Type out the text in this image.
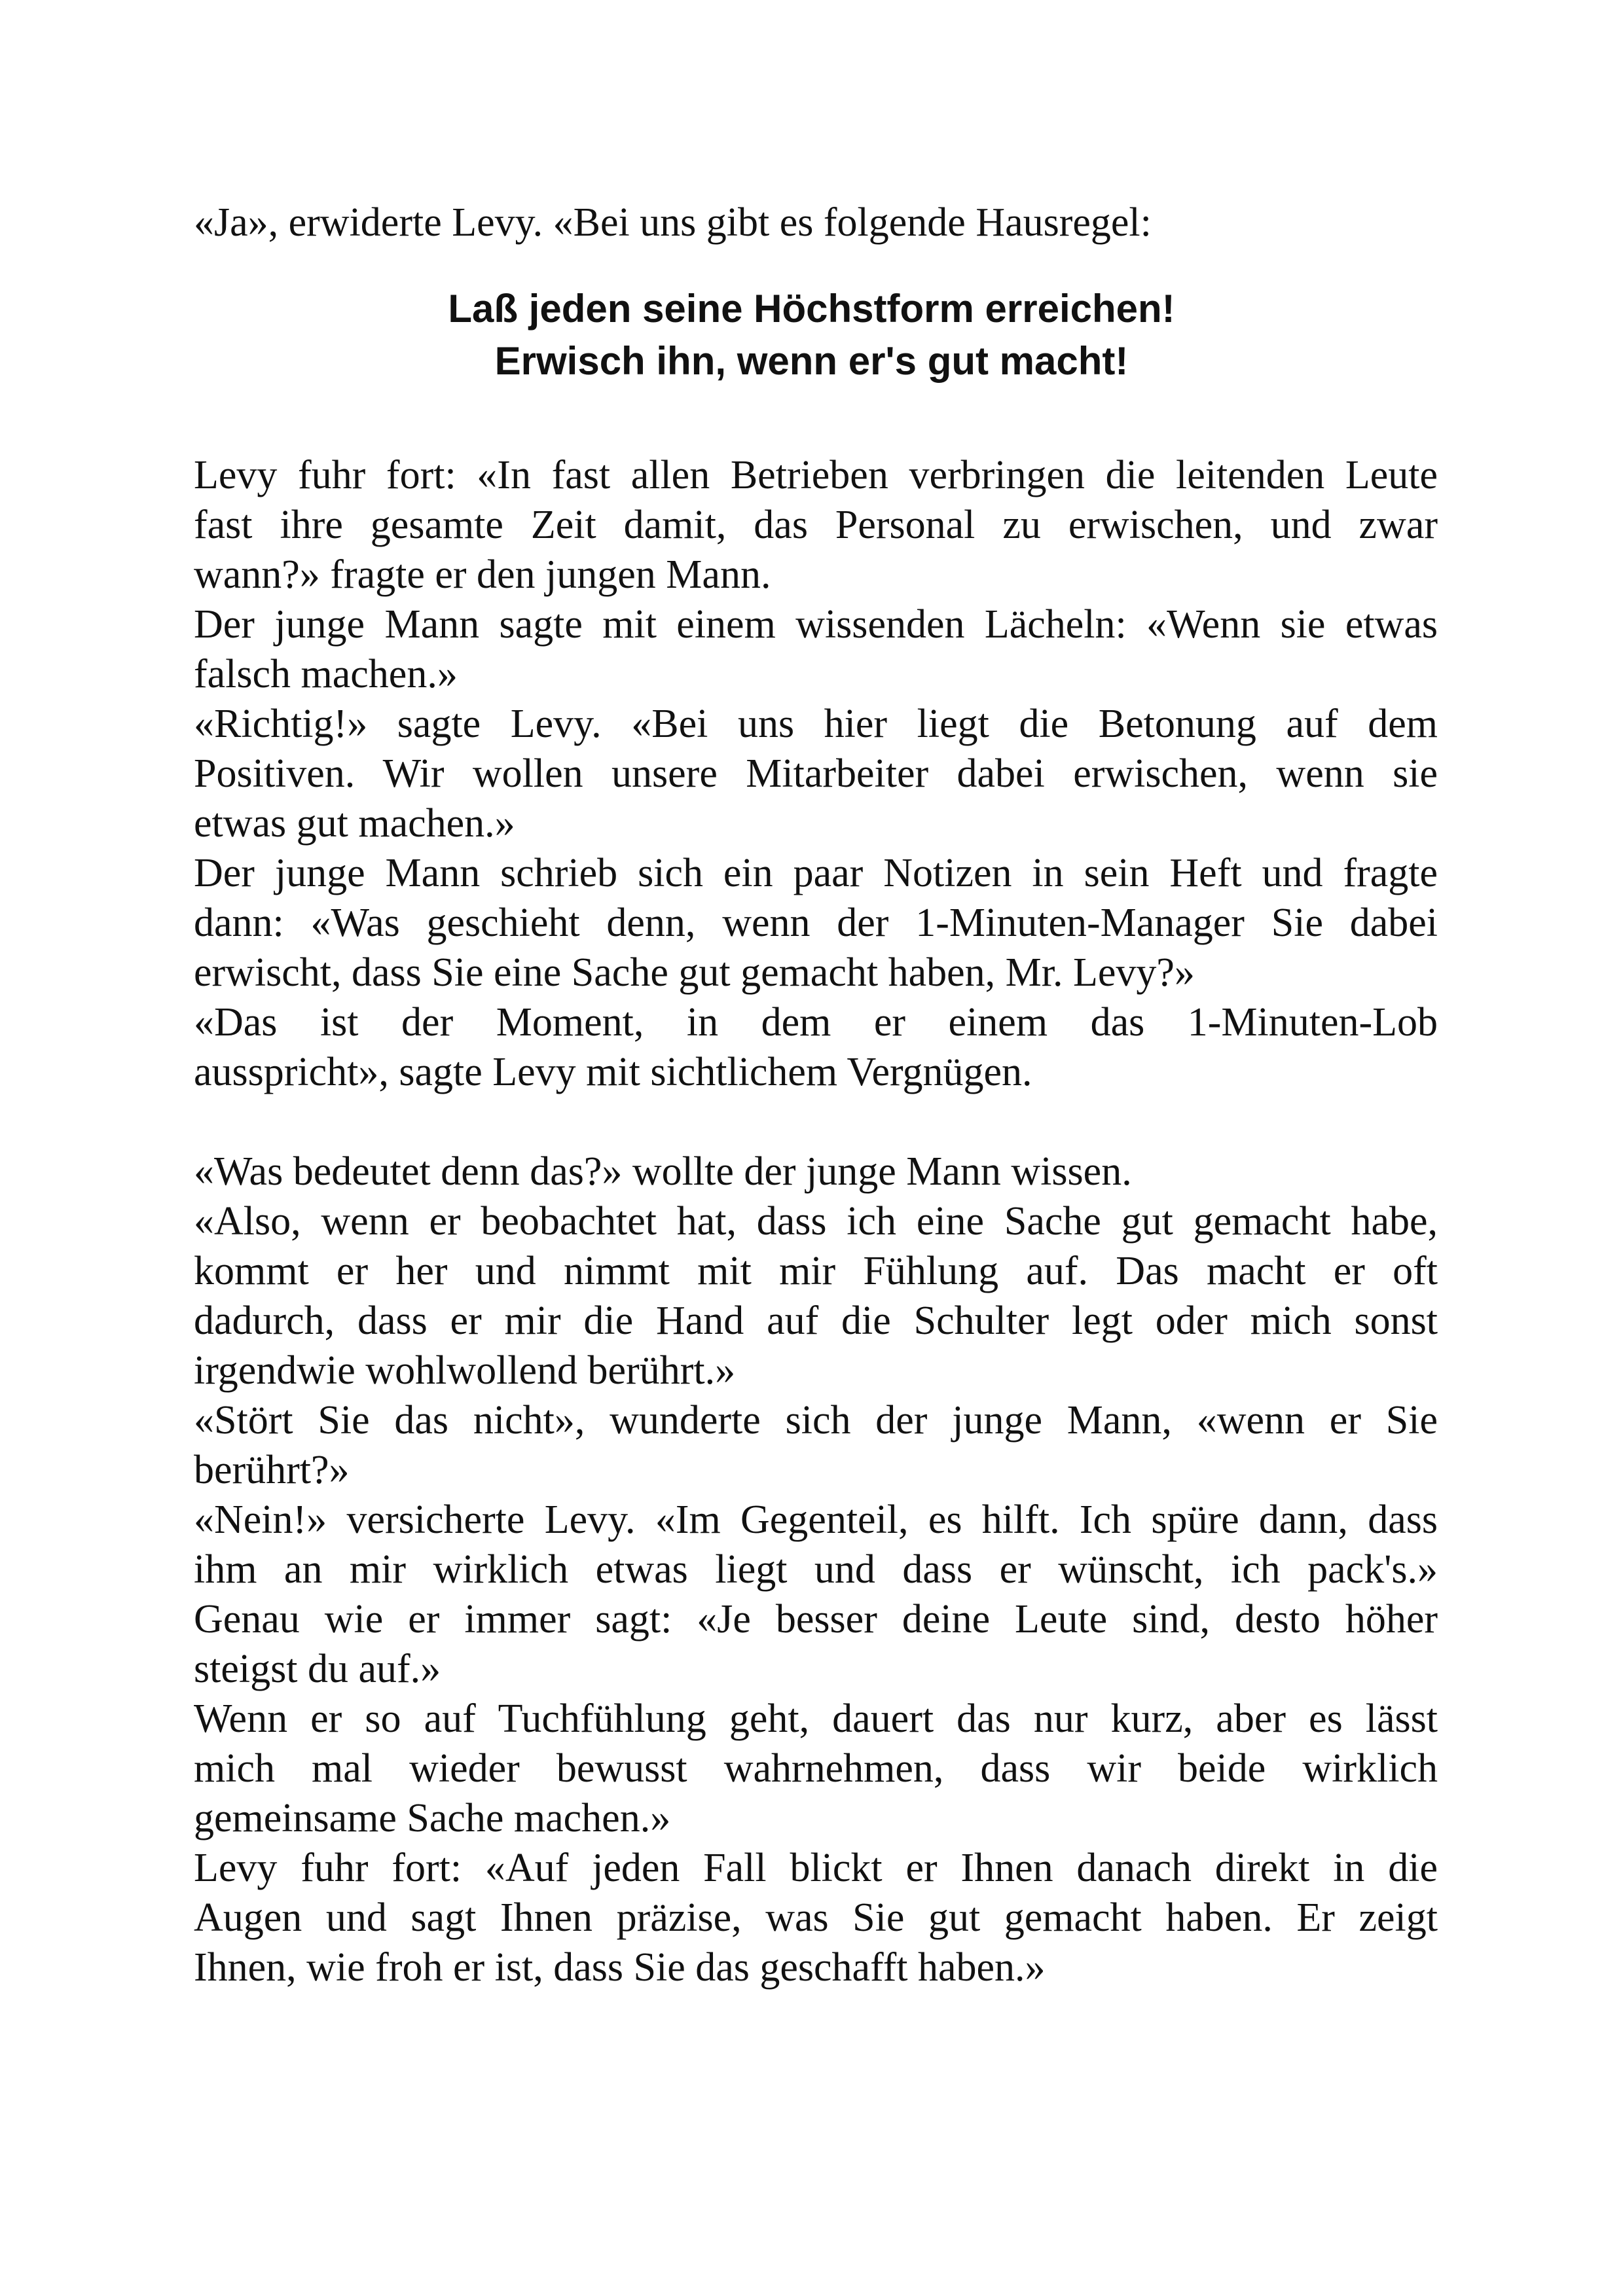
«Ja», erwiderte Levy. «Bei uns gibt es folgende Hausregel:
Laß jeden seine Höchstform erreichen!
Erwisch ihn, wenn er's gut macht!
Levy fuhr fort: «In fast allen Betrieben verbringen die leitenden Leute
fast ihre gesamte Zeit damit, das Personal zu erwischen, und zwar
wann?» fragte er den jungen Mann.
Der junge Mann sagte mit einem wissenden Lächeln: «Wenn sie etwas
falsch machen.»
«Richtig!» sagte Levy. «Bei uns hier liegt die Betonung auf dem
Positiven. Wir wollen unsere Mitarbeiter dabei erwischen, wenn sie
etwas gut machen.»
Der junge Mann schrieb sich ein paar Notizen in sein Heft und fragte
dann: «Was geschieht denn, wenn der 1-Minuten-Manager Sie dabei
erwischt, dass Sie eine Sache gut gemacht haben, Mr. Levy?»
«Das ist der Moment, in dem er einem das 1-Minuten-Lob
ausspricht», sagte Levy mit sichtlichem Vergnügen.
«Was bedeutet denn das?» wollte der junge Mann wissen.
«Also, wenn er beobachtet hat, dass ich eine Sache gut gemacht habe,
kommt er her und nimmt mit mir Fühlung auf. Das macht er oft
dadurch, dass er mir die Hand auf die Schulter legt oder mich sonst
irgendwie wohlwollend berührt.»
«Stört Sie das nicht», wunderte sich der junge Mann, «wenn er Sie
berührt?»
«Nein!» versicherte Levy. «Im Gegenteil, es hilft. Ich spüre dann, dass
ihm an mir wirklich etwas liegt und dass er wünscht, ich pack's.»
Genau wie er immer sagt: «Je besser deine Leute sind, desto höher
steigst du auf.»
Wenn er so auf Tuchfühlung geht, dauert das nur kurz, aber es lässt
mich mal wieder bewusst wahrnehmen, dass wir beide wirklich
gemeinsame Sache machen.»
Levy fuhr fort: «Auf jeden Fall blickt er Ihnen danach direkt in die
Augen und sagt Ihnen präzise, was Sie gut gemacht haben. Er zeigt
Ihnen, wie froh er ist, dass Sie das geschafft haben.»
